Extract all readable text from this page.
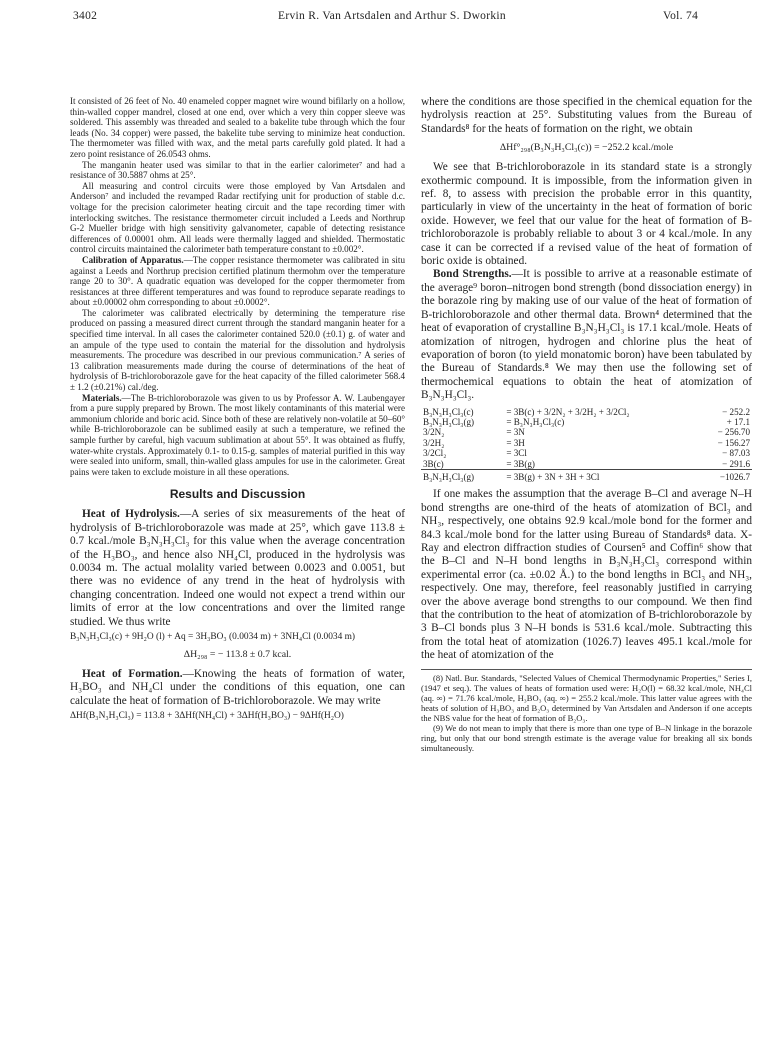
3402	Ervin R. Van Artsdalen and Arthur S. Dworkin	Vol. 74

It consisted of 26 feet of No. 40 enameled copper magnet wire wound bifilarly on a hollow, thin-walled copper mandrel, closed at one end, over which a very thin copper sleeve was soldered. This assembly was threaded and sealed to a bakelite tube through which the four leads (No. 34 copper) were passed, the bakelite tube serving to minimize heat conduction. The thermometer was filled with wax, and the metal parts carefully gold plated. It had a zero point resistance of 26.0543 ohms.

The manganin heater used was similar to that in the earlier calorimeter⁷ and had a resistance of 30.5887 ohms at 25°.

All measuring and control circuits were those employed by Van Artsdalen and Anderson⁷ and included the revamped Radar rectifying unit for production of stable d.c. voltage for the precision calorimeter heating circuit and the tape recording timer with interlocking switches. The resistance thermometer circuit included a Leeds and Northrup G-2 Mueller bridge with high sensitivity galvanometer, capable of detecting resistance differences of 0.00001 ohm. All leads were thermally lagged and shielded. Thermostatic control circuits maintained the calorimeter bath temperature constant to ±0.002°.

Calibration of Apparatus.—The copper resistance thermometer was calibrated in situ against a Leeds and Northrup precision certified platinum thermohm over the temperature range 20 to 30°. A quadratic equation was developed for the copper thermometer from resistances at three different temperatures and was found to reproduce separate readings to about ±0.00002 ohm corresponding to about ±0.0002°.

The calorimeter was calibrated electrically by determining the temperature rise produced on passing a measured direct current through the standard manganin heater for a specified time interval. In all cases the calorimeter contained 520.0 (±0.1) g. of water and an ampule of the type used to contain the material for the dissolution and hydrolysis measurements. The procedure was described in our previous communication.⁷ A series of 13 calibration measurements made during the course of determinations of the heat of hydrolysis of B-trichloroborazole gave for the heat capacity of the filled calorimeter 568.4 ± 1.2 (±0.21%) cal./deg.

Materials.—The B-trichloroborazole was given to us by Professor A. W. Laubengayer from a pure supply prepared by Brown. The most likely contaminants of this material were ammonium chloride and boric acid. Since both of these are relatively non-volatile at 50–60° while B-trichloroborazole can be sublimed easily at such a temperature, we refined the sample further by careful, high vacuum sublimation at about 55°. It was obtained as fluffy, water-white crystals. Approximately 0.1- to 0.15-g. samples of material purified in this way were sealed into uniform, small, thin-walled glass ampules for use in the calorimeter. Great pains were taken to exclude moisture in all these operations.

Results and Discussion

Heat of Hydrolysis.—A series of six measurements of the heat of hydrolysis of B-trichloroborazole was made at 25°, which gave 113.8 ± 0.7 kcal./mole B₃N₃H₃Cl₃ for this value when the average concentration of the H₃BO₃, and hence also NH₄Cl, produced in the hydrolysis was 0.0034 m. The actual molality varied between 0.0023 and 0.0051, but there was no evidence of any trend in the heat of hydrolysis with changing concentration. Indeed one would not expect a trend within our limits of error at the low concentrations and over the limited range studied. We thus write

B₃N₃H₃Cl₃(c) + 9H₂O (l) + Aq = 3H₃BO₃ (0.0034 m) + 3NH₄Cl (0.0034 m)
ΔH₂₉₈ = − 113.8 ± 0.7 kcal.

Heat of Formation.—Knowing the heats of formation of water, H₃BO₃ and NH₄Cl under the conditions of this equation, one can calculate the heat of formation of B-trichloroborazole. We may write

ΔHf(B₃N₃H₃Cl₃) = 113.8 + 3ΔHf(NH₄Cl) + 3ΔHf(H₃BO₃) − 9ΔHf(H₂O)

where the conditions are those specified in the chemical equation for the hydrolysis reaction at 25°. Substituting values from the Bureau of Standards⁸ for the heats of formation on the right, we obtain

ΔHf°₂₉₈(B₃N₃H₃Cl₃(c)) = −252.2 kcal./mole

We see that B-trichloroborazole in its standard state is a strongly exothermic compound. It is impossible, from the information given in ref. 8, to assess with precision the probable error in this quantity, particularly in view of the uncertainty in the heat of formation of boric oxide. However, we feel that our value for the heat of formation of B-trichloroborazole is probably reliable to about 3 or 4 kcal./mole. In any case it can be corrected if a revised value of the heat of formation of boric oxide is obtained.

Bond Strengths.—It is possible to arrive at a reasonable estimate of the average⁹ boron–nitrogen bond strength (bond dissociation energy) in the borazole ring by making use of our value of the heat of formation of B-trichloroborazole and other thermal data. Brown⁴ determined that the heat of evaporation of crystalline B₃N₃H₃Cl₃ is 17.1 kcal./mole. Heats of atomization of nitrogen, hydrogen and chlorine plus the heat of evaporation of boron (to yield monatomic boron) have been tabulated by the Bureau of Standards.⁸ We may then use the following set of thermochemical equations to obtain the heat of atomization of B₃N₃H₃Cl₃.

B₃N₃H₃Cl₃(c)	= 3B(c) + 3/2N₂ + 3/2H₂ + 3/2Cl₂	− 252.2
B₃N₃H₃Cl₃(g)	= B₃N₃H₃Cl₃(c)	+ 17.1
3/2N₂	= 3N	− 256.70
3/2H₂	= 3H	− 156.27
3/2Cl₂	= 3Cl	− 87.03
3B(c)	= 3B(g)	− 291.6
B₃N₃H₃Cl₃(g)	= 3B(g) + 3N + 3H + 3Cl	−1026.7

If one makes the assumption that the average B–Cl and average N–H bond strengths are one-third of the heats of atomization of BCl₃ and NH₃, respectively, one obtains 92.9 kcal./mole bond for the former and 84.3 kcal./mole bond for the latter using Bureau of Standards⁸ data. X-Ray and electron diffraction studies of Coursen⁵ and Coffin⁶ show that the B–Cl and N–H bond lengths in B₃N₃H₃Cl₃ correspond within experimental error (ca. ±0.02 Å.) to the bond lengths in BCl₃ and NH₃, respectively. One may, therefore, feel reasonably justified in carrying over the above average bond strengths to our compound. We then find that the contribution to the heat of atomization of B-trichloroborazole by 3 B–Cl bonds plus 3 N–H bonds is 531.6 kcal./mole. Subtracting this from the total heat of atomization (1026.7) leaves 495.1 kcal./mole for the heat of atomization of the

(8) Natl. Bur. Standards, "Selected Values of Chemical Thermodynamic Properties," Series I, (1947 et seq.). The values of heats of formation used were: H₂O(l) = 68.32 kcal./mole, NH₄Cl (aq. ∞) = 71.76 kcal./mole, H₃BO₃ (aq. ∞) = 255.2 kcal./mole. This latter value agrees with the heats of solution of H₃BO₃ and B₂O₃ determined by Van Artsdalen and Anderson if one accepts the NBS value for the heat of formation of B₂O₃.

(9) We do not mean to imply that there is more than one type of B–N linkage in the borazole ring, but only that our bond strength estimate is the average value for breaking all six bonds simultaneously.
